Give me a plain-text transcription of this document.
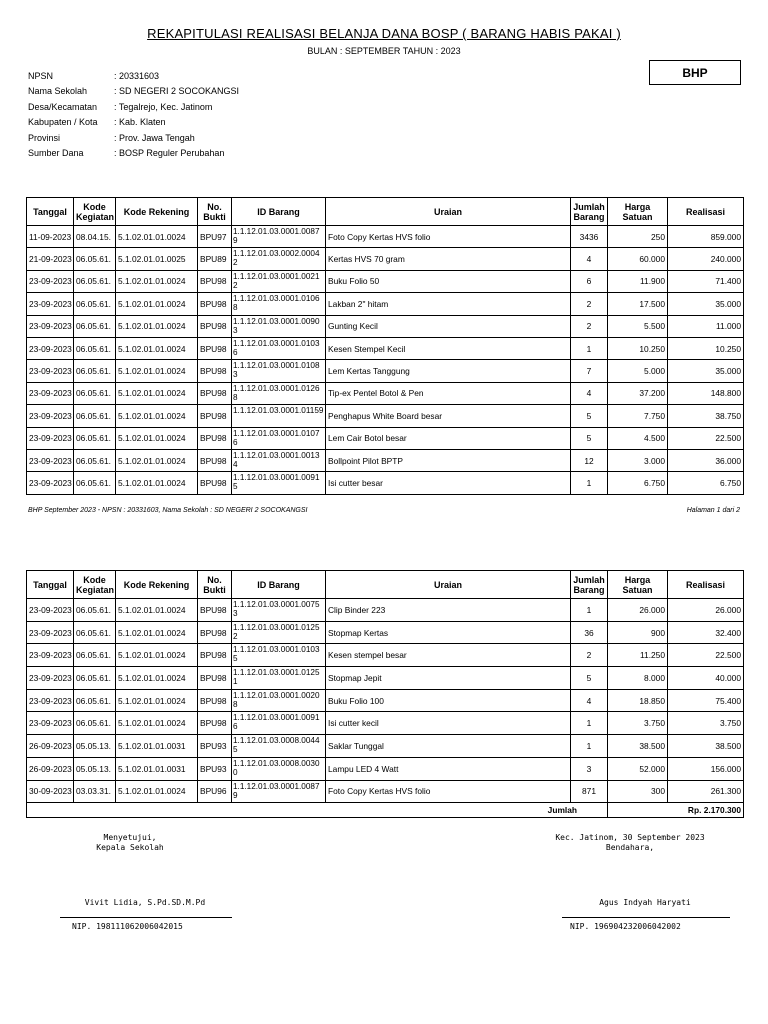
REKAPITULASI REALISASI BELANJA DANA BOSP ( BARANG HABIS PAKAI )
BULAN : SEPTEMBER TAHUN : 2023
BHP
NPSN	: 20331603
Nama Sekolah	: SD NEGERI 2 SOCOKANGSI
Desa/Kecamatan	: Tegalrejo, Kec. Jatinom
Kabupaten / Kota	: Kab. Klaten
Provinsi	: Prov. Jawa Tengah
Sumber Dana	: BOSP Reguler Perubahan
Tanggal	Kode Kegiatan	Kode Rekening	No. Bukti	ID Barang	Uraian	Jumlah Barang	Harga Satuan	Realisasi
11-09-2023	08.04.15.	5.1.02.01.01.0024	BPU97	1.1.12.01.03.0001.00879	Foto Copy Kertas HVS folio	3436	250	859.000
21-09-2023	06.05.61.	5.1.02.01.01.0025	BPU89	1.1.12.01.03.0002.00042	Kertas HVS 70 gram	4	60.000	240.000
23-09-2023	06.05.61.	5.1.02.01.01.0024	BPU98	1.1.12.01.03.0001.00212	Buku Folio 50	6	11.900	71.400
23-09-2023	06.05.61.	5.1.02.01.01.0024	BPU98	1.1.12.01.03.0001.01068	Lakban 2" hitam	2	17.500	35.000
23-09-2023	06.05.61.	5.1.02.01.01.0024	BPU98	1.1.12.01.03.0001.00903	Gunting Kecil	2	5.500	11.000
23-09-2023	06.05.61.	5.1.02.01.01.0024	BPU98	1.1.12.01.03.0001.01036	Kesen Stempel Kecil	1	10.250	10.250
23-09-2023	06.05.61.	5.1.02.01.01.0024	BPU98	1.1.12.01.03.0001.01083	Lem Kertas Tanggung	7	5.000	35.000
23-09-2023	06.05.61.	5.1.02.01.01.0024	BPU98	1.1.12.01.03.0001.01268	Tip-ex Pentel Botol & Pen	4	37.200	148.800
23-09-2023	06.05.61.	5.1.02.01.01.0024	BPU98	1.1.12.01.03.0001.01159	Penghapus White Board besar	5	7.750	38.750
23-09-2023	06.05.61.	5.1.02.01.01.0024	BPU98	1.1.12.01.03.0001.01076	Lem Cair Botol besar	5	4.500	22.500
23-09-2023	06.05.61.	5.1.02.01.01.0024	BPU98	1.1.12.01.03.0001.00134	Bollpoint Pilot BPTP	12	3.000	36.000
23-09-2023	06.05.61.	5.1.02.01.01.0024	BPU98	1.1.12.01.03.0001.00915	Isi cutter besar	1	6.750	6.750
BHP September 2023 - NPSN : 20331603, Nama Sekolah : SD NEGERI 2 SOCOKANGSI	Halaman 1 dari 2
Tanggal	Kode Kegiatan	Kode Rekening	No. Bukti	ID Barang	Uraian	Jumlah Barang	Harga Satuan	Realisasi
23-09-2023	06.05.61.	5.1.02.01.01.0024	BPU98	1.1.12.01.03.0001.00753	Clip Binder 223	1	26.000	26.000
23-09-2023	06.05.61.	5.1.02.01.01.0024	BPU98	1.1.12.01.03.0001.01252	Stopmap Kertas	36	900	32.400
23-09-2023	06.05.61.	5.1.02.01.01.0024	BPU98	1.1.12.01.03.0001.01035	Kesen stempel besar	2	11.250	22.500
23-09-2023	06.05.61.	5.1.02.01.01.0024	BPU98	1.1.12.01.03.0001.01251	Stopmap Jepit	5	8.000	40.000
23-09-2023	06.05.61.	5.1.02.01.01.0024	BPU98	1.1.12.01.03.0001.00208	Buku Folio 100	4	18.850	75.400
23-09-2023	06.05.61.	5.1.02.01.01.0024	BPU98	1.1.12.01.03.0001.00916	Isi cutter kecil	1	3.750	3.750
26-09-2023	05.05.13.	5.1.02.01.01.0031	BPU93	1.1.12.01.03.0008.00445	Saklar Tunggal	1	38.500	38.500
26-09-2023	05.05.13.	5.1.02.01.01.0031	BPU93	1.1.12.01.03.0008.00300	Lampu LED 4 Watt	3	52.000	156.000
30-09-2023	03.03.31.	5.1.02.01.01.0024	BPU96	1.1.12.01.03.0001.00879	Foto Copy Kertas HVS folio	871	300	261.300
Jumlah							Rp. 2.170.300	
Menyetujui,
Kepala Sekolah
Kec. Jatinom, 30 September 2023
Bendahara,
Vivit Lidia, S.Pd.SD.M.Pd	Agus Indyah Haryati
NIP. 198111062006042015	NIP. 196904232006042002
